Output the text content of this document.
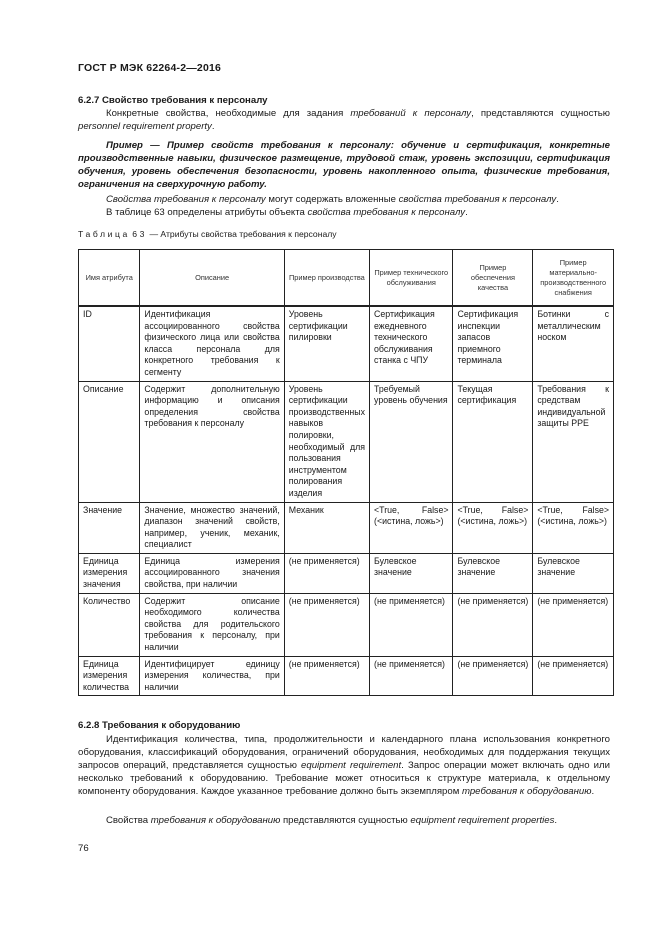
ГОСТ Р МЭК 62264-2—2016
6.2.7 Свойство требования к персоналу
Конкретные свойства, необходимые для задания требований к персоналу, представляются сущностью personnel requirement property.
Пример — Пример свойств требования к персоналу: обучение и сертификация, конкретные производственные навыки, физическое размещение, трудовой стаж, уровень экспозиции, сертификация обучения, уровень обеспечения безопасности, уровень накопленного опыта, физические требования, ограничения на сверхурочную работу.
Свойства требования к персоналу могут содержать вложенные свойства требования к персоналу.
В таблице 63 определены атрибуты объекта свойства требования к персоналу.
Таблица 63 — Атрибуты свойства требования к персоналу
Имя атрибута	Описание	Пример производства	Пример технического обслуживания	Пример обеспечения качества	Пример материально-производственного снабжения
ID	Идентификация ассоциированного свойства физического лица или свойства класса персонала для конкретного требования к сегменту	Уровень сертификации пилировки	Сертификация ежедневного технического обслуживания станка с ЧПУ	Сертификация инспекции запасов приемного терминала	Ботинки с металлическим носком
Описание	Содержит дополнительную информацию и описания определения свойства требования к персоналу	Уровень сертификации производственных навыков полировки, необходимый для пользования инструментом полирования изделия	Требуемый уровень обучения	Текущая сертификация	Требования к средствам индивидуальной защиты PPE
Значение	Значение, множество значений, диапазон значений свойств, например, ученик, механик, специалист	Механик	<True, False> (<истина, ложь>)	<True, False> (<истина, ложь>)	<True, False> (<истина, ложь>)
Единица измерения значения	Единица измерения ассоциированного значения свойства, при наличии	(не применяется)	Булевское значение	Булевское значение	Булевское значение
Количество	Содержит описание необходимого количества свойства для родительского требования к персоналу, при наличии	(не применяется)	(не применяется)	(не применяется)	(не применяется)
Единица измерения количества	Идентифицирует единицу измерения количества, при наличии	(не применяется)	(не применяется)	(не применяется)	(не применяется)
6.2.8 Требования к оборудованию
Идентификация количества, типа, продолжительности и календарного плана использования конкретного оборудования, классификаций оборудования, ограничений оборудования, необходимых для поддержания текущих запросов операций, представляется сущностью equipment requirement. Запрос операции может включать одно или несколько требований к оборудованию. Требование может относиться к структуре материала, к отдельному компоненту оборудования. Каждое указанное требование должно быть экземпляром требования к оборудованию.
Свойства требования к оборудованию представляются сущностью equipment requirement properties.
76
